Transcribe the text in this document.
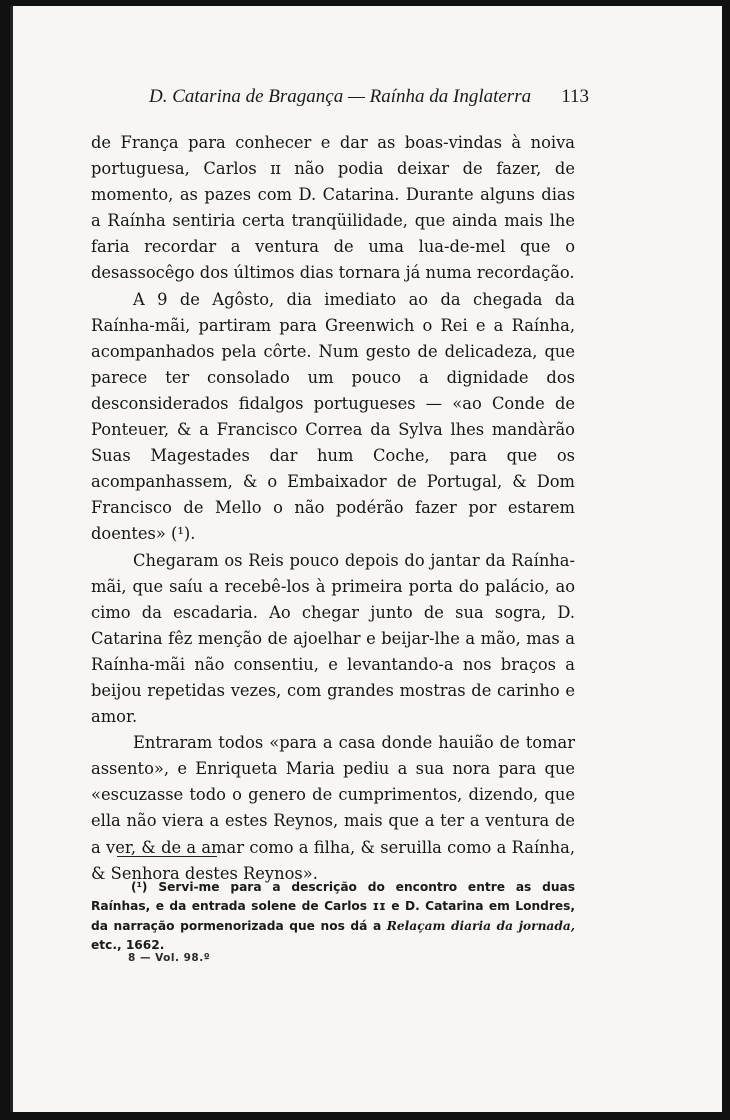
D. Catarina de Bragança — Raínha da Inglaterra 113

de França para conhecer e dar as boas-vindas à noiva portuguesa, Carlos ɪɪ não podia deixar de fazer, de momento, as pazes com D. Catarina. Durante alguns dias a Raínha sentiria certa tranqüilidade, que ainda mais lhe faria recordar a ventura de uma lua-de-mel que o desassocêgo dos últimos dias tornara já numa recordação.

A 9 de Agôsto, dia imediato ao da chegada da Raínha-mãi, partiram para Greenwich o Rei e a Raínha, acompanhados pela côrte. Num gesto de delicadeza, que parece ter consolado um pouco a dignidade dos desconsiderados fidalgos portugueses — «ao Conde de Ponteuer, & a Francisco Correa da Sylva lhes mandàrão Suas Magestades dar hum Coche, para que os acompanhassem, & o Embaixador de Portugal, & Dom Francisco de Mello o não podérão fazer por estarem doentes» (¹).

Chegaram os Reis pouco depois do jantar da Raínha-mãi, que saíu a recebê-los à primeira porta do palácio, ao cimo da escadaria. Ao chegar junto de sua sogra, D. Catarina fêz menção de ajoelhar e beijar-lhe a mão, mas a Raínha-mãi não consentiu, e levantando-a nos braços a beijou repetidas vezes, com grandes mostras de carinho e amor.

Entraram todos «para a casa donde hauião de tomar assento», e Enriqueta Maria pediu a sua nora para que «escuzasse todo o genero de cumprimentos, dizendo, que ella não viera a estes Reynos, mais que a ter a ventura de a ver, & de a amar como a filha, & seruilla como a Raínha, & Senhora destes Reynos».

(¹) Servi-me para a descrição do encontro entre as duas Raínhas, e da entrada solene de Carlos ɪɪ e D. Catarina em Londres, da narração pormenorizada que nos dá a Relaçam diaria da jornada, etc., 1662.
8 — Vol. 98.º
